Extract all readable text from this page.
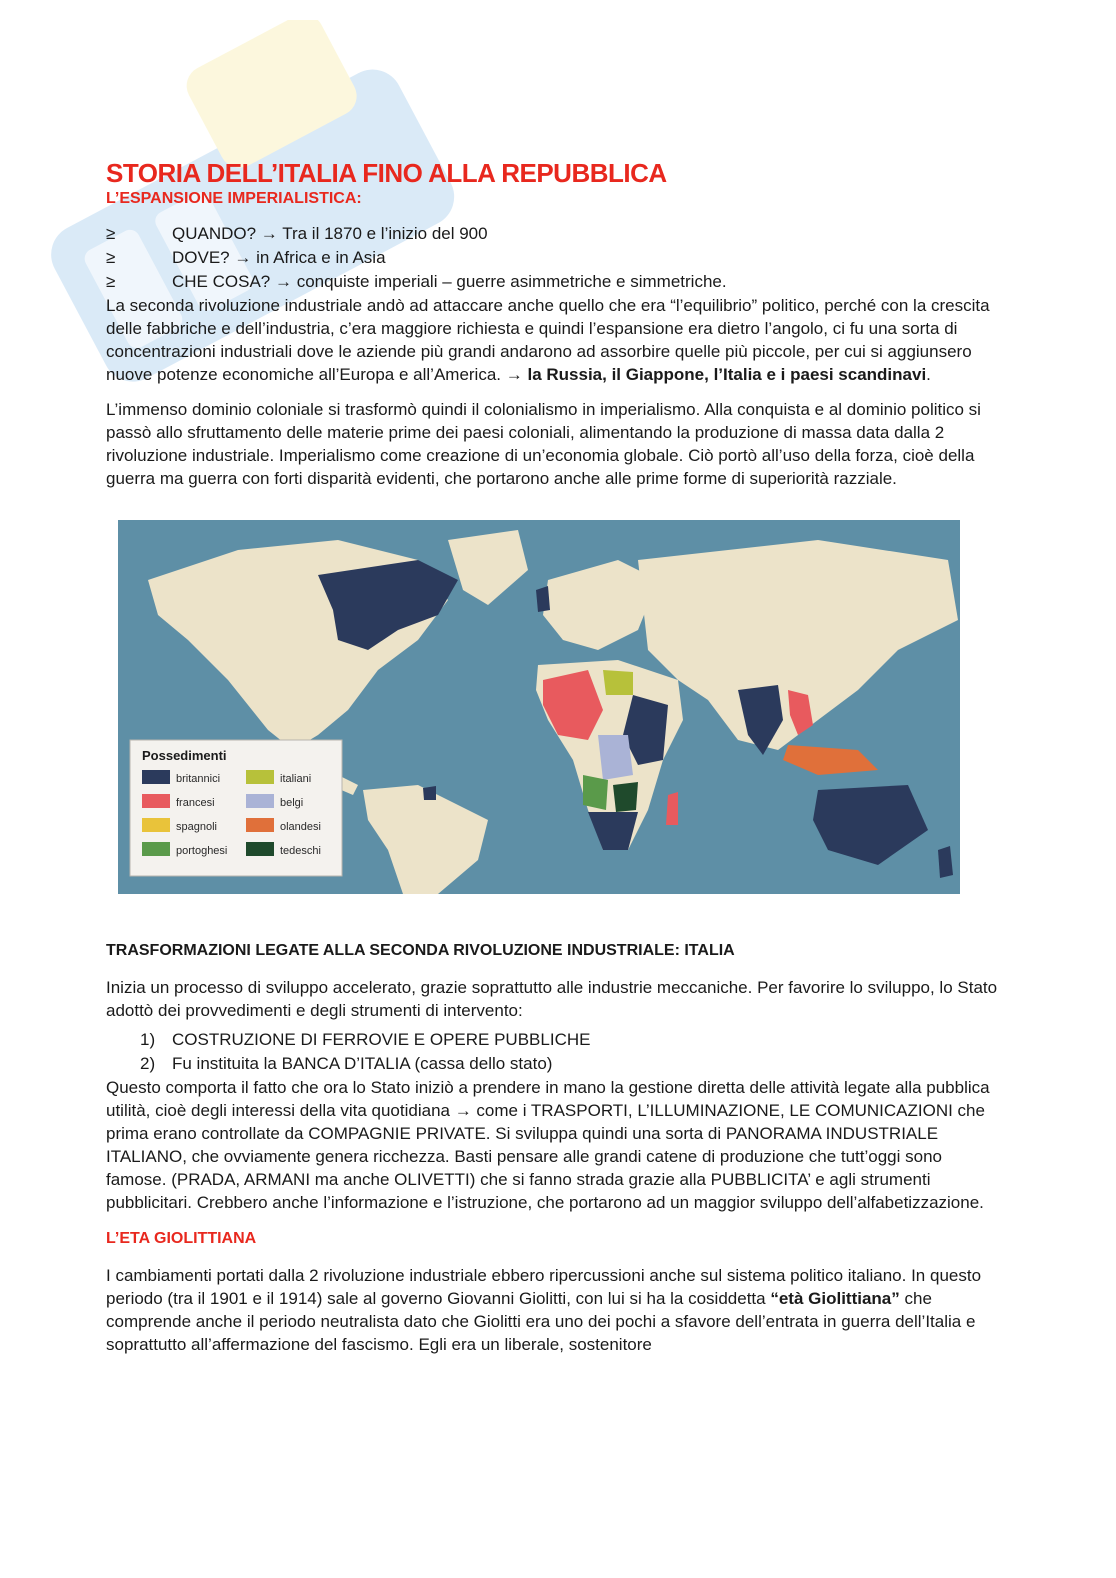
STORIA DELL’ITALIA FINO ALLA REPUBBLICA
L’ESPANSIONE IMPERIALISTICA:
≥	QUANDO? → Tra il 1870 e l’inizio del 900
≥	DOVE? → in Africa e in Asia
≥	CHE COSA? → conquiste imperiali – guerre asimmetriche e simmetriche.

La seconda rivoluzione industriale andò ad attaccare anche quello che era “l’equilibrio” politico, perché con la crescita delle fabbriche e dell’industria, c’era maggiore richiesta e quindi l’espansione era dietro l’angolo, ci fu una sorta di concentrazioni industriali dove le aziende più grandi andarono ad assorbire quelle più piccole, per cui si aggiunsero nuove potenze economiche all’Europa e all’America. → la Russia, il Giappone, l’Italia e i paesi scandinavi.

L’immenso dominio coloniale si trasformò quindi il colonialismo in imperialismo. Alla conquista e al dominio politico si passò allo sfruttamento delle materie prime dei paesi coloniali, alimentando la produzione di massa data dalla 2 rivoluzione industriale. Imperialismo come creazione di un’economia globale. Ciò portò all’uso della forza, cioè della guerra ma guerra con forti disparità evidenti, che portarono anche alle prime forme di superiorità razziale.

Possedimenti
britannici	italiani
francesi	belgi
spagnoli	olandesi
portoghesi	tedeschi
TRASFORMAZIONI LEGATE ALLA SECONDA RIVOLUZIONE INDUSTRIALE: ITALIA

Inizia un processo di sviluppo accelerato, grazie soprattutto alle industrie meccaniche. Per favorire lo sviluppo, lo Stato adottò dei provvedimenti e degli strumenti di intervento:

1) COSTRUZIONE DI FERROVIE E OPERE PUBBLICHE
2) Fu instituita la BANCA D’ITALIA (cassa dello stato)

Questo comporta il fatto che ora lo Stato iniziò a prendere in mano la gestione diretta delle attività legate alla pubblica utilità, cioè degli interessi della vita quotidiana → come i TRASPORTI, L’ILLUMINAZIONE, LE COMUNICAZIONI che prima erano controllate da COMPAGNIE PRIVATE. Si sviluppa quindi una sorta di PANORAMA INDUSTRIALE ITALIANO, che ovviamente genera ricchezza. Basti pensare alle grandi catene di produzione che tutt’oggi sono famose. (PRADA, ARMANI ma anche OLIVETTI) che si fanno strada grazie alla PUBBLICITA’ e agli strumenti pubblicitari. Crebbero anche l’informazione e l’istruzione, che portarono ad un maggior sviluppo dell’alfabetizzazione.

L’ETA GIOLITTIANA

I cambiamenti portati dalla 2 rivoluzione industriale ebbero ripercussioni anche sul sistema politico italiano. In questo periodo (tra il 1901 e il 1914) sale al governo Giovanni Giolitti, con lui si ha la cosiddetta “età Giolittiana” che comprende anche il periodo neutralista dato che Giolitti era uno dei pochi a sfavore dell’entrata in guerra dell’Italia e soprattutto all’affermazione del fascismo. Egli era un liberale, sostenitore
